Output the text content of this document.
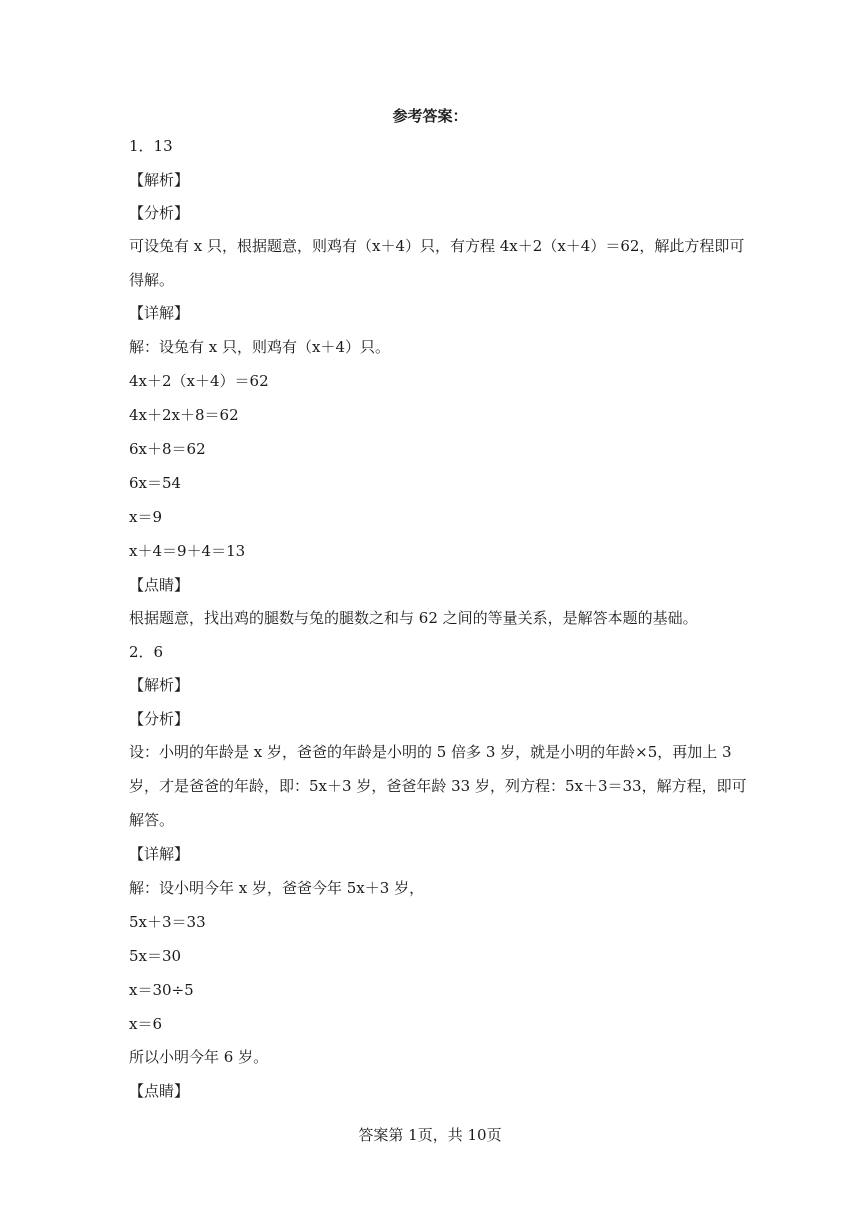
参考答案：
1．13
【解析】
【分析】
可设兔有 x 只，根据题意，则鸡有（x＋4）只，有方程 4x＋2（x＋4）＝62，解此方程即可
得解。
【详解】
解：设兔有 x 只，则鸡有（x＋4）只。
4x＋2（x＋4）＝62
4x＋2x＋8＝62
6x＋8＝62
6x＝54
x＝9
x＋4＝9＋4＝13
【点睛】
根据题意，找出鸡的腿数与兔的腿数之和与 62 之间的等量关系，是解答本题的基础。
2．6
【解析】
【分析】
设：小明的年龄是 x 岁，爸爸的年龄是小明的 5 倍多 3 岁，就是小明的年龄×5，再加上 3
岁，才是爸爸的年龄，即：5x＋3 岁，爸爸年龄 33 岁，列方程：5x＋3＝33，解方程，即可
解答。
【详解】
解：设小明今年 x 岁，爸爸今年 5x＋3 岁，
5x＋3＝33
5x＝30
x＝30÷5
x＝6
所以小明今年 6 岁。
【点睛】
答案第 1页，共 10页
